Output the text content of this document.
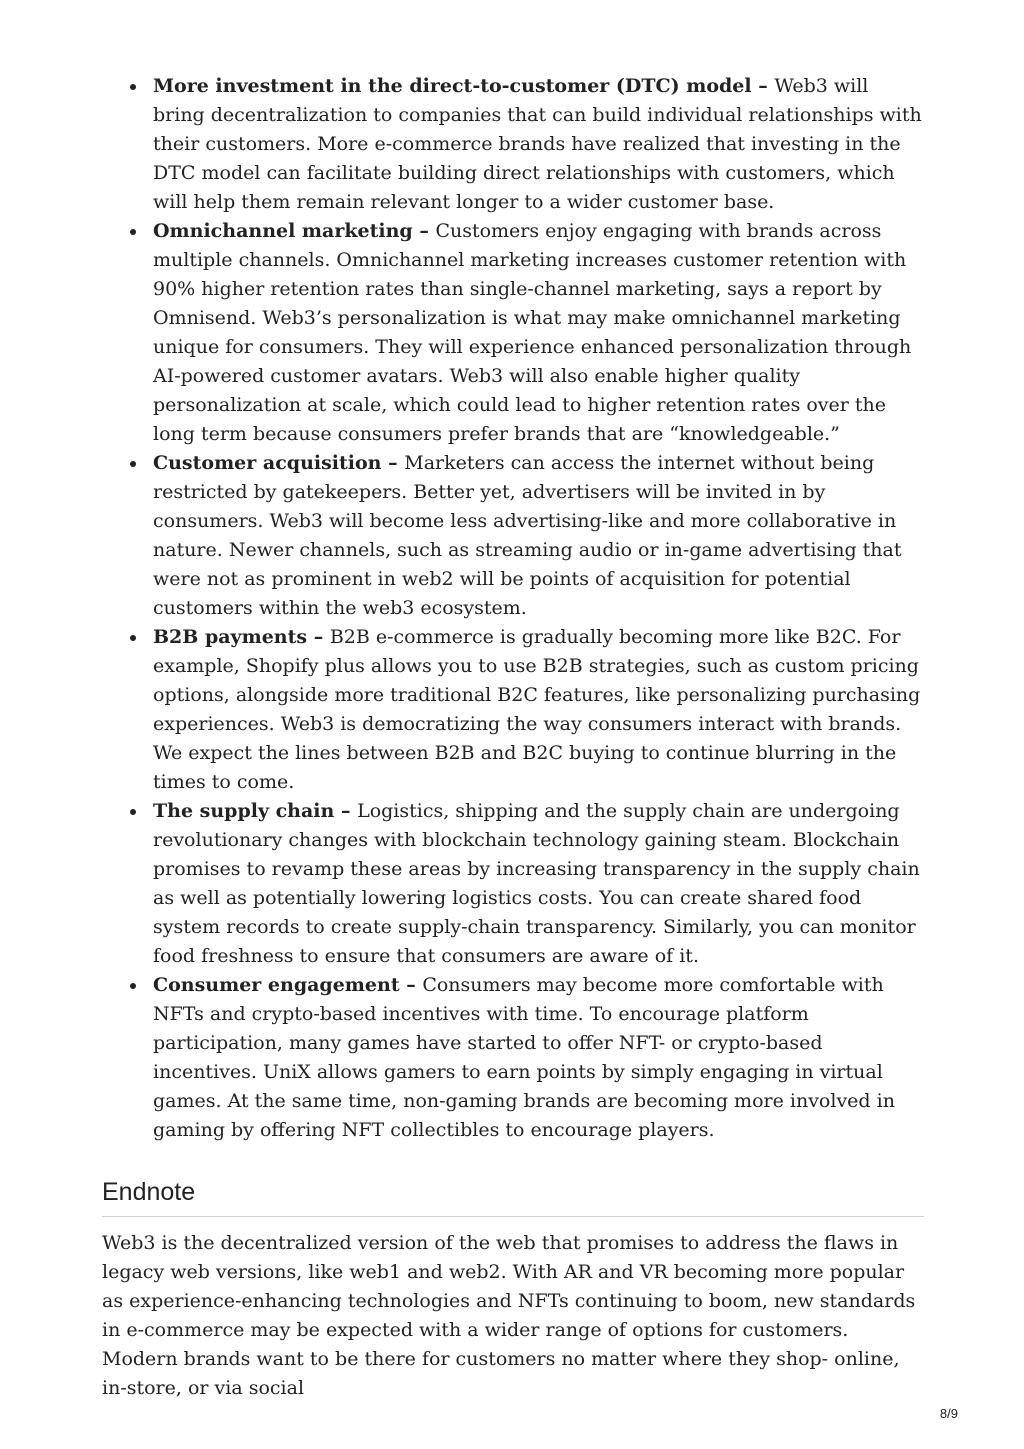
More investment in the direct-to-customer (DTC) model – Web3 will bring decentralization to companies that can build individual relationships with their customers. More e-commerce brands have realized that investing in the DTC model can facilitate building direct relationships with customers, which will help them remain relevant longer to a wider customer base.
Omnichannel marketing – Customers enjoy engaging with brands across multiple channels. Omnichannel marketing increases customer retention with 90% higher retention rates than single-channel marketing, says a report by Omnisend. Web3’s personalization is what may make omnichannel marketing unique for consumers. They will experience enhanced personalization through AI-powered customer avatars. Web3 will also enable higher quality personalization at scale, which could lead to higher retention rates over the long term because consumers prefer brands that are “knowledgeable.”
Customer acquisition – Marketers can access the internet without being restricted by gatekeepers. Better yet, advertisers will be invited in by consumers. Web3 will become less advertising-like and more collaborative in nature. Newer channels, such as streaming audio or in-game advertising that were not as prominent in web2 will be points of acquisition for potential customers within the web3 ecosystem.
B2B payments – B2B e-commerce is gradually becoming more like B2C. For example, Shopify plus allows you to use B2B strategies, such as custom pricing options, alongside more traditional B2C features, like personalizing purchasing experiences. Web3 is democratizing the way consumers interact with brands. We expect the lines between B2B and B2C buying to continue blurring in the times to come.
The supply chain – Logistics, shipping and the supply chain are undergoing revolutionary changes with blockchain technology gaining steam. Blockchain promises to revamp these areas by increasing transparency in the supply chain as well as potentially lowering logistics costs. You can create shared food system records to create supply-chain transparency. Similarly, you can monitor food freshness to ensure that consumers are aware of it.
Consumer engagement – Consumers may become more comfortable with NFTs and crypto-based incentives with time. To encourage platform participation, many games have started to offer NFT- or crypto-based incentives. UniX allows gamers to earn points by simply engaging in virtual games. At the same time, non-gaming brands are becoming more involved in gaming by offering NFT collectibles to encourage players.
Endnote

Web3 is the decentralized version of the web that promises to address the flaws in legacy web versions, like web1 and web2. With AR and VR becoming more popular as experience-enhancing technologies and NFTs continuing to boom, new standards in e-commerce may be expected with a wider range of options for customers. Modern brands want to be there for customers no matter where they shop- online, in-store, or via social

8/9
